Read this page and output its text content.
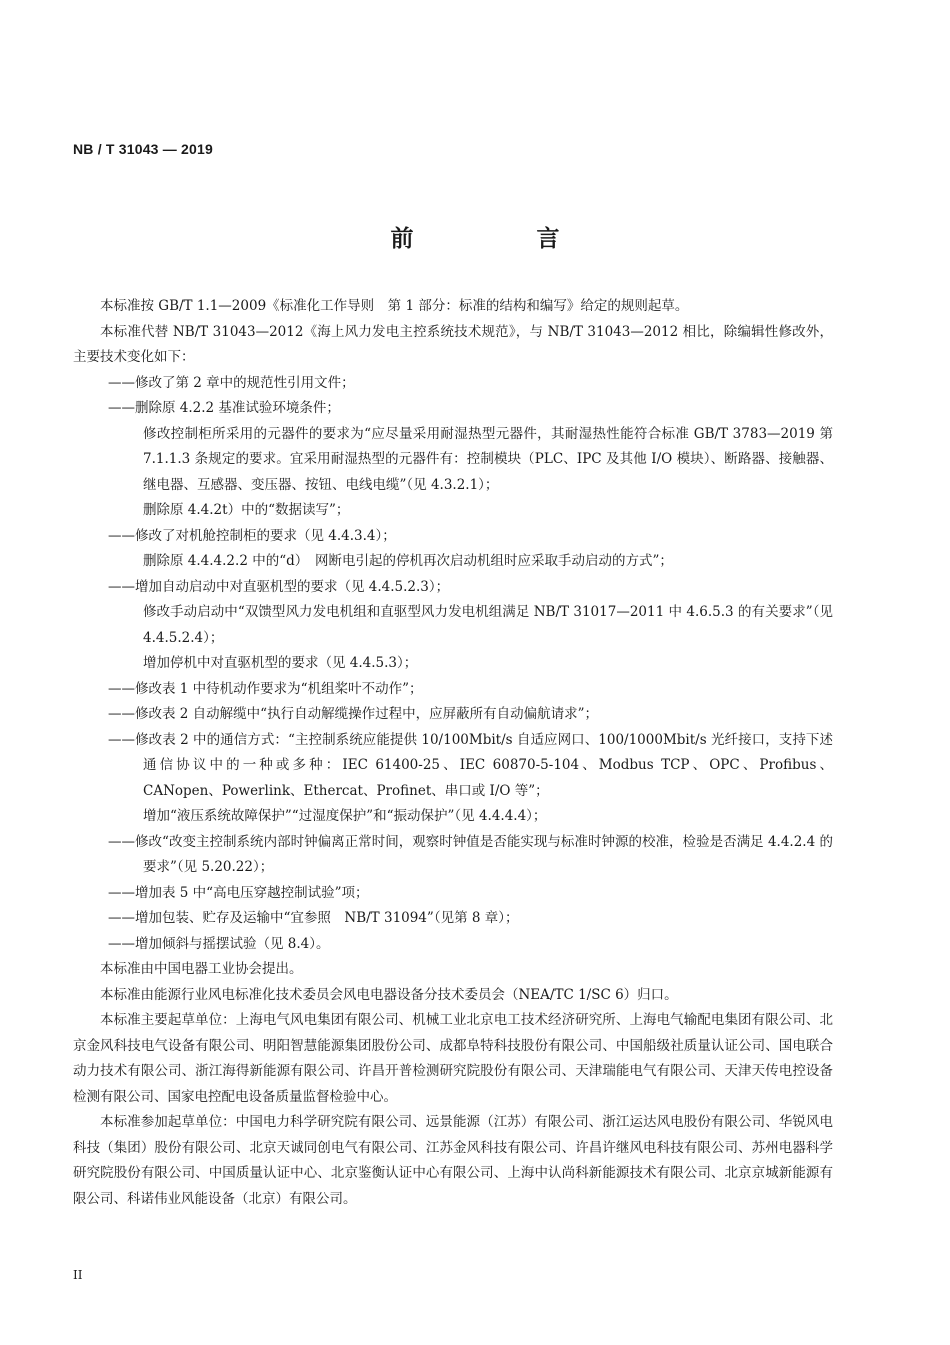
NB / T 31043 — 2019
前　言

本标准按 GB/T 1.1—2009《标准化工作导则　第 1 部分：标准的结构和编写》给定的规则起草。

本标准代替 NB/T 31043—2012《海上风力发电主控系统技术规范》，与 NB/T 31043—2012 相比，除编辑性修改外，主要技术变化如下：

——修改了第 2 章中的规范性引用文件；

——删除原 4.2.2 基准试验环境条件；

修改控制柜所采用的元器件的要求为“应尽量采用耐湿热型元器件，其耐湿热性能符合标准 GB/T 3783—2019 第 7.1.1.3 条规定的要求。宜采用耐湿热型的元器件有：控制模块（PLC、IPC 及其他 I/O 模块）、断路器、接触器、继电器、互感器、变压器、按钮、电线电缆”（见 4.3.2.1）；

删除原 4.4.2t）中的“数据读写”；

——修改了对机舱控制柜的要求（见 4.4.3.4）；

删除原 4.4.4.2.2 中的“d）　网断电引起的停机再次启动机组时应采取手动启动的方式”；

——增加自动启动中对直驱机型的要求（见 4.4.5.2.3）；

修改手动启动中“双馈型风力发电机组和直驱型风力发电机组满足 NB/T 31017—2011 中 4.6.5.3 的有关要求”（见　4.4.5.2.4）；

增加停机中对直驱机型的要求（见 4.4.5.3）；

——修改表 1 中待机动作要求为“机组桨叶不动作”；

——修改表 2 自动解缆中“执行自动解缆操作过程中，应屏蔽所有自动偏航请求”；

——修改表 2 中的通信方式：“主控制系统应能提供 10/100Mbit/s 自适应网口、100/1000Mbit/s 光纤接口，支持下述通信协议中的一种或多种：IEC 61400-25、IEC 60870-5-104、Modbus TCP、OPC、Profibus、CANopen、Powerlink、Ethercat、Profinet、串口或 I/O 等”；

增加“液压系统故障保护”“过湿度保护”和“振动保护”（见 4.4.4.4）；

——修改“改变主控制系统内部时钟偏离正常时间，观察时钟值是否能实现与标准时钟源的校准，检验是否满足 4.4.2.4 的要求”（见 5.20.22）；

——增加表 5 中“高电压穿越控制试验”项；

——增加包装、贮存及运输中“宜参照　NB/T 31094”（见第 8 章）；

——增加倾斜与摇摆试验（见 8.4）。

本标准由中国电器工业协会提出。

本标准由能源行业风电标准化技术委员会风电电器设备分技术委员会（NEA/TC 1/SC 6）归口。

本标准主要起草单位：上海电气风电集团有限公司、机械工业北京电工技术经济研究所、上海电气输配电集团有限公司、北京金风科技电气设备有限公司、明阳智慧能源集团股份公司、成都阜特科技股份有限公司、中国船级社质量认证公司、国电联合动力技术有限公司、浙江海得新能源有限公司、许昌开普检测研究院股份有限公司、天津瑞能电气有限公司、天津天传电控设备检测有限公司、国家电控配电设备质量监督检验中心。

本标准参加起草单位：中国电力科学研究院有限公司、远景能源（江苏）有限公司、浙江运达风电股份有限公司、华锐风电科技（集团）股份有限公司、北京天诚同创电气有限公司、江苏金风科技有限公司、许昌许继风电科技有限公司、苏州电器科学研究院股份有限公司、中国质量认证中心、北京鉴衡认证中心有限公司、上海中认尚科新能源技术有限公司、北京京城新能源有限公司、科诺伟业风能设备（北京）有限公司。

II
